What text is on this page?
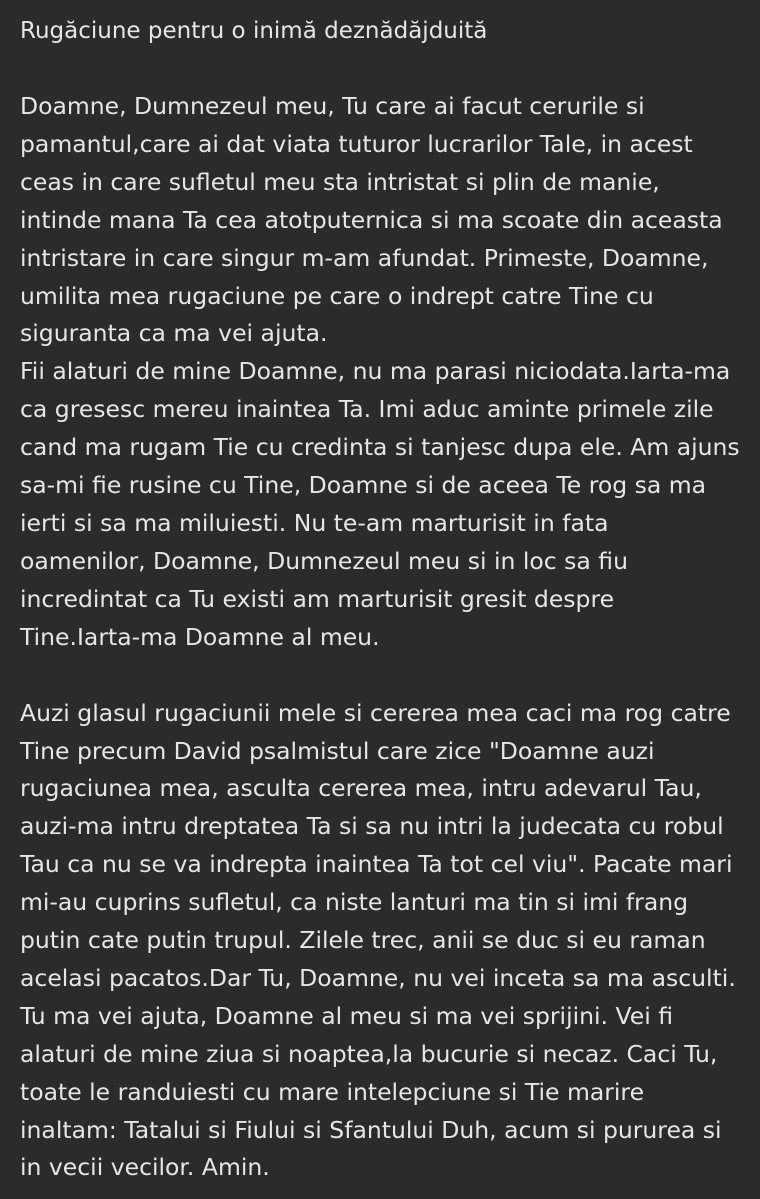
Rugăciune pentru o inimă deznădăjduită

Doamne, Dumnezeul meu, Tu care ai facut cerurile si pamantul,care ai dat viata tuturor lucrarilor Tale, in acest ceas in care sufletul meu sta intristat si plin de manie, intinde mana Ta cea atotputernica si ma scoate din aceasta intristare in care singur m-am afundat. Primeste, Doamne, umilita mea rugaciune pe care o indrept catre Tine cu siguranta ca ma vei ajuta.

Fii alaturi de mine Doamne, nu ma parasi niciodata.Iarta-ma ca gresesc mereu inaintea Ta. Imi aduc aminte primele zile cand ma rugam Tie cu credinta si tanjesc dupa ele. Am ajuns sa-mi fie rusine cu Tine, Doamne si de aceea Te rog sa ma ierti si sa ma miluiesti. Nu te-am marturisit in fata oamenilor, Doamne, Dumnezeul meu si in loc sa fiu incredintat ca Tu existi am marturisit gresit despre Tine.Iarta-ma Doamne al meu.

Auzi glasul rugaciunii mele si cererea mea caci ma rog catre Tine precum David psalmistul care zice "Doamne auzi rugaciunea mea, asculta cererea mea, intru adevarul Tau, auzi-ma intru dreptatea Ta si sa nu intri la judecata cu robul Tau ca nu se va indrepta inaintea Ta tot cel viu". Pacate mari mi-au cuprins sufletul, ca niste lanturi ma tin si imi frang putin cate putin trupul. Zilele trec, anii se duc si eu raman acelasi pacatos.Dar Tu, Doamne, nu vei inceta sa ma asculti. Tu ma vei ajuta, Doamne al meu si ma vei sprijini. Vei fi alaturi de mine ziua si noaptea,la bucurie si necaz. Caci Tu, toate le randuiesti cu mare intelepciune si Tie marire inaltam: Tatalui si Fiului si Sfantului Duh, acum si pururea si in vecii vecilor. Amin.
